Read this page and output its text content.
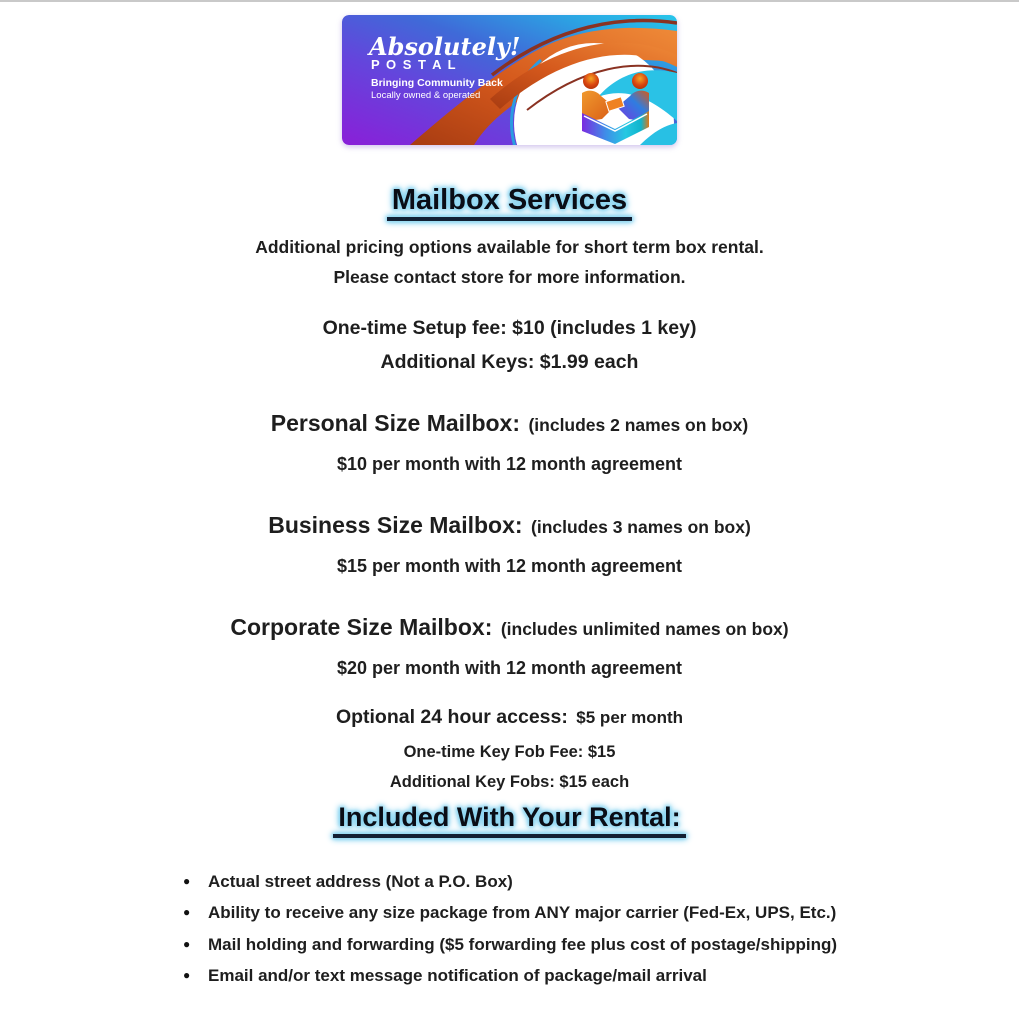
Absolutely!
P O S T A L
Bringing Community Back
Locally owned & operated
Mailbox Services

Additional pricing options available for short term box rental.

Please contact store for more information.

One-time Setup fee: $10 (includes 1 key)

Additional Keys: $1.99 each

Personal Size Mailbox: (includes 2 names on box)

$10 per month with 12 month agreement

Business Size Mailbox: (includes 3 names on box)

$15 per month with 12 month agreement

Corporate Size Mailbox: (includes unlimited names on box)

$20 per month with 12 month agreement

Optional 24 hour access: $5 per month

One-time Key Fob Fee: $15

Additional Key Fobs: $15 each

Included With Your Rental:
●	Actual street address (Not a P.O. Box)
●	Ability to receive any size package from ANY major carrier (Fed-Ex, UPS, Etc.)
●	Mail holding and forwarding ($5 forwarding fee plus cost of postage/shipping)
●	Email and/or text message notification of package/mail arrival
